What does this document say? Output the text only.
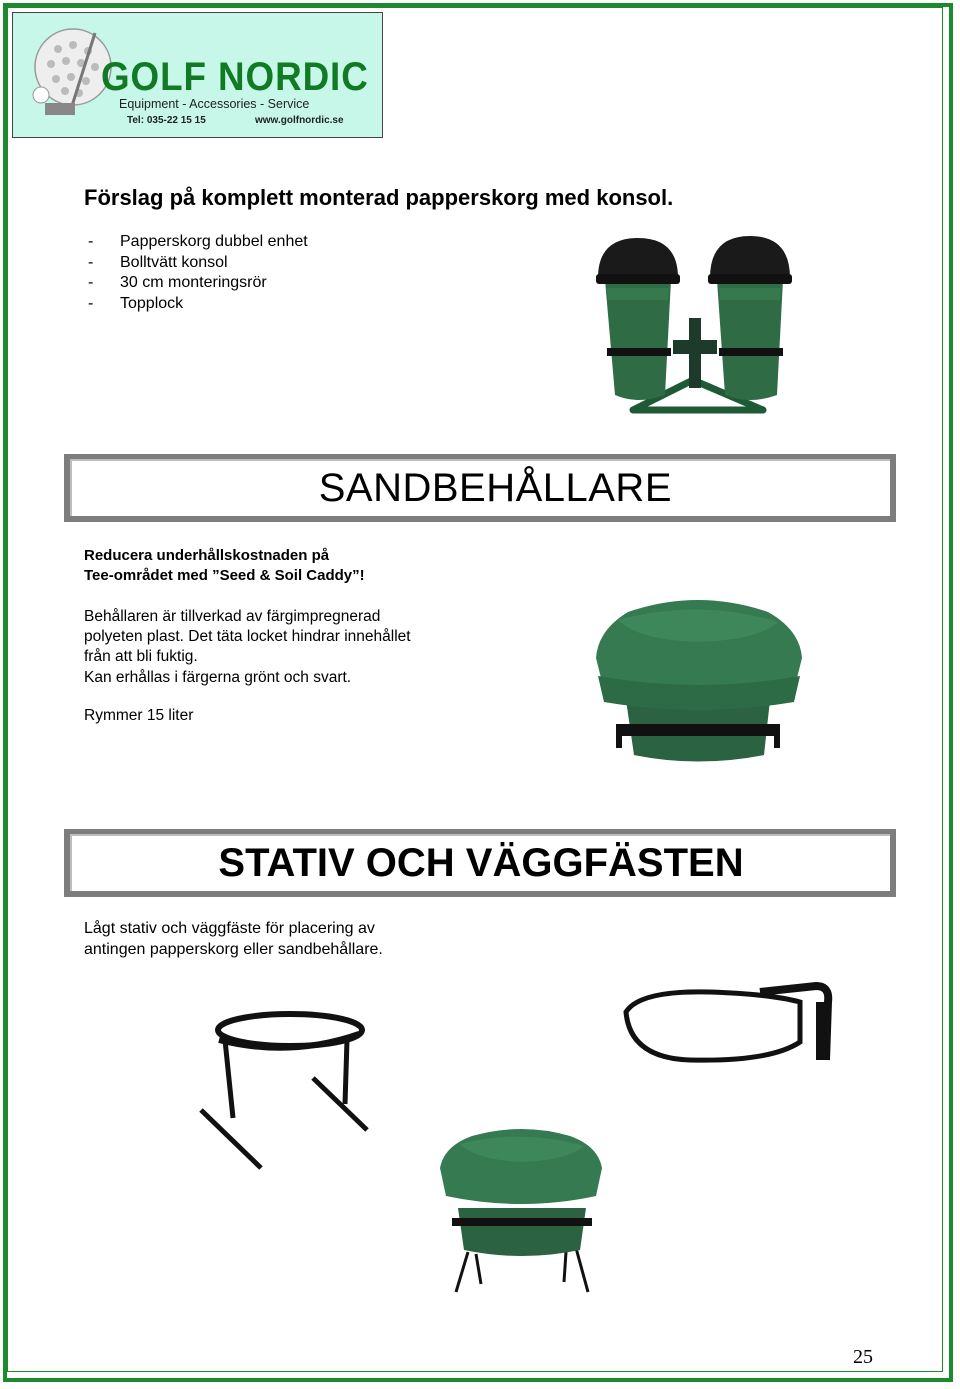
GOLF NORDIC
Equipment - Accessories - Service
Tel: 035-22 15 15	www.golfnordic.se
Förslag på komplett monterad papperskorg med konsol.
- Papperskorg dubbel enhet
- Bolltvätt konsol
- 30 cm monteringsrör
- Topplock
SANDBEHÅLLARE
Reducera underhållskostnaden på
Tee-området med ”Seed & Soil Caddy”!
Behållaren är tillverkad av färgimpregnerad
polyeten plast. Det täta locket hindrar innehållet
från att bli fuktig.
Kan erhållas i färgerna grönt och svart.
Rymmer 15 liter
STATIV OCH VÄGGFÄSTEN
Lågt stativ och väggfäste för placering av
antingen papperskorg eller sandbehållare.
25
